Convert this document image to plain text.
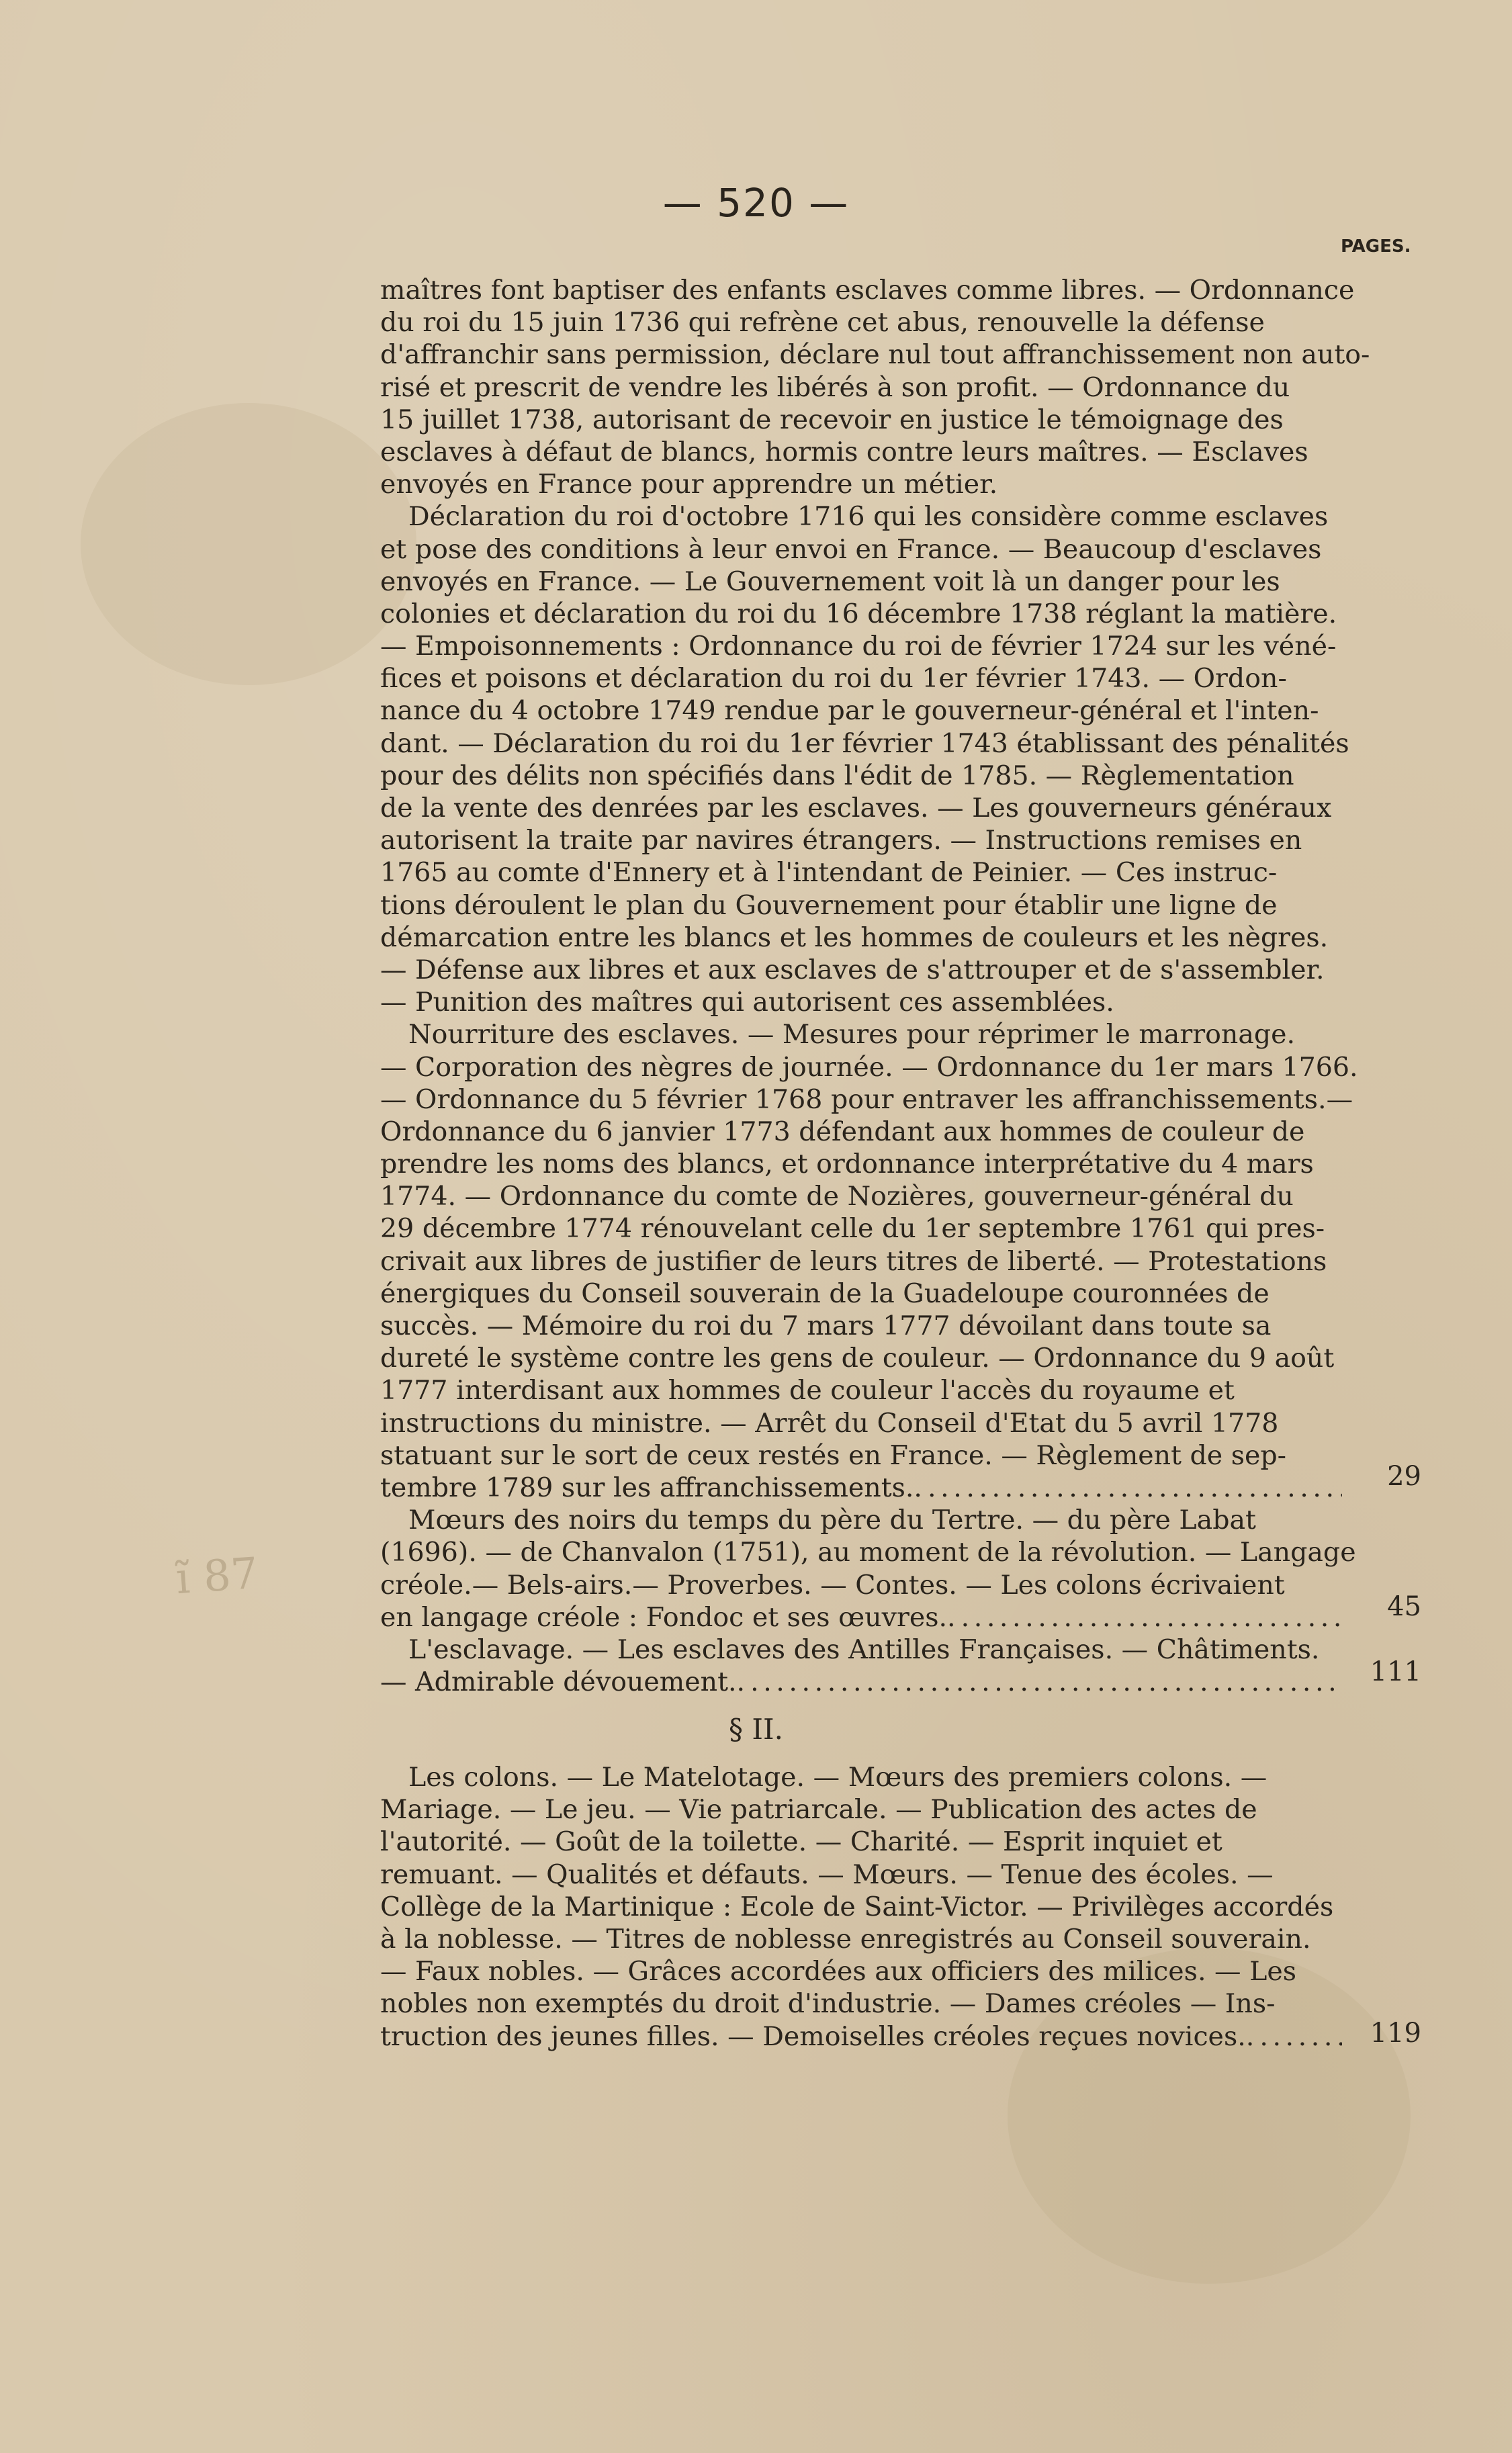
— 520 —
PAGES.
ĩ 87
maîtres font baptiser des enfants esclaves comme libres. — Ordonnance
du roi du 15 juin 1736 qui refrène cet abus, renouvelle la défense
d'affranchir sans permission, déclare nul tout affranchissement non auto-
risé et prescrit de vendre les libérés à son profit. — Ordonnance du
15 juillet 1738, autorisant de recevoir en justice le témoignage des
esclaves à défaut de blancs, hormis contre leurs maîtres. — Esclaves
envoyés en France pour apprendre un métier.
Déclaration du roi d'octobre 1716 qui les considère comme esclaves
et pose des conditions à leur envoi en France. — Beaucoup d'esclaves
envoyés en France. — Le Gouvernement voit là un danger pour les
colonies et déclaration du roi du 16 décembre 1738 réglant la matière.
— Empoisonnements : Ordonnance du roi de février 1724 sur les véné-
fices et poisons et déclaration du roi du 1er février 1743. — Ordon-
nance du 4 octobre 1749 rendue par le gouverneur-général et l'inten-
dant. — Déclaration du roi du 1er février 1743 établissant des pénalités
pour des délits non spécifiés dans l'édit de 1785. — Règlementation
de la vente des denrées par les esclaves. — Les gouverneurs généraux
autorisent la traite par navires étrangers. — Instructions remises en
1765 au comte d'Ennery et à l'intendant de Peinier. — Ces instruc-
tions déroulent le plan du Gouvernement pour établir une ligne de
démarcation entre les blancs et les hommes de couleurs et les nègres.
— Défense aux libres et aux esclaves de s'attrouper et de s'assembler.
— Punition des maîtres qui autorisent ces assemblées.
Nourriture des esclaves. — Mesures pour réprimer le marronage.
— Corporation des nègres de journée. — Ordonnance du 1er mars 1766.
— Ordonnance du 5 février 1768 pour entraver les affranchissements.—
Ordonnance du 6 janvier 1773 défendant aux hommes de couleur de
prendre les noms des blancs, et ordonnance interprétative du 4 mars
1774. — Ordonnance du comte de Nozières, gouverneur-général du
29 décembre 1774 rénouvelant celle du 1er septembre 1761 qui pres-
crivait aux libres de justifier de leurs titres de liberté. — Protestations
énergiques du Conseil souverain de la Guadeloupe couronnées de
succès. — Mémoire du roi du 7 mars 1777 dévoilant dans toute sa
dureté le système contre les gens de couleur. — Ordonnance du 9 août
1777 interdisant aux hommes de couleur l'accès du royaume et
instructions du ministre. — Arrêt du Conseil d'Etat du 5 avril 1778
statuant sur le sort de ceux restés en France. — Règlement de sep-
tembre 1789 sur les affranchissements..
. . .
Mœurs des noirs du temps du père du Tertre. — du père Labat
(1696). — de Chanvalon (1751), au moment de la révolution. — Langage
créole.— Bels-airs.— Proverbes. — Contes. — Les colons écrivaient
en langage créole : Fondoc et ses œuvres..
. . .
L'esclavage. — Les esclaves des Antilles Françaises. — Châtiments.
— Admirable dévouement..
. . .
29
45
111
§ II.
Les colons. — Le Matelotage. — Mœurs des premiers colons. —
Mariage. — Le jeu. — Vie patriarcale. — Publication des actes de
l'autorité. — Goût de la toilette. — Charité. — Esprit inquiet et
remuant. — Qualités et défauts. — Mœurs. — Tenue des écoles. —
Collège de la Martinique : Ecole de Saint-Victor. — Privilèges accordés
à la noblesse. — Titres de noblesse enregistrés au Conseil souverain.
— Faux nobles. — Grâces accordées aux officiers des milices. — Les
nobles non exemptés du droit d'industrie. — Dames créoles — Ins-
truction des jeunes filles. — Demoiselles créoles reçues novices.. . . .	119
